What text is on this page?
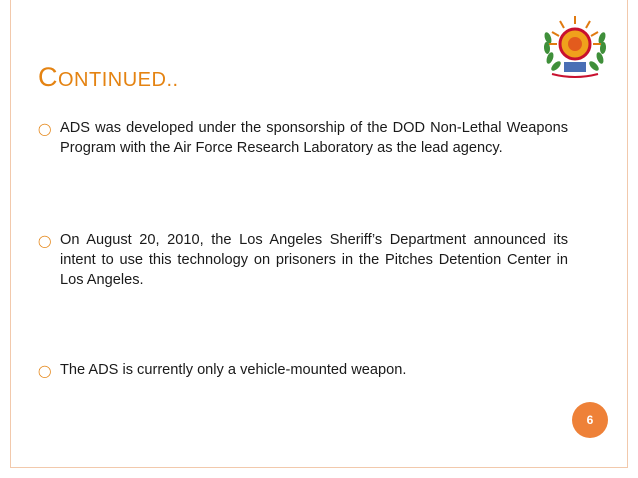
CONTINUED..
◯ ADS was developed under the sponsorship of the DOD Non-Lethal Weapons Program with the Air Force Research Laboratory as the lead agency.
◯ On August 20, 2010, the Los Angeles Sheriff’s Department announced its intent to use this technology on prisoners in the Pitches Detention Center in Los Angeles.
◯ The ADS is currently only a vehicle-mounted weapon.
6
